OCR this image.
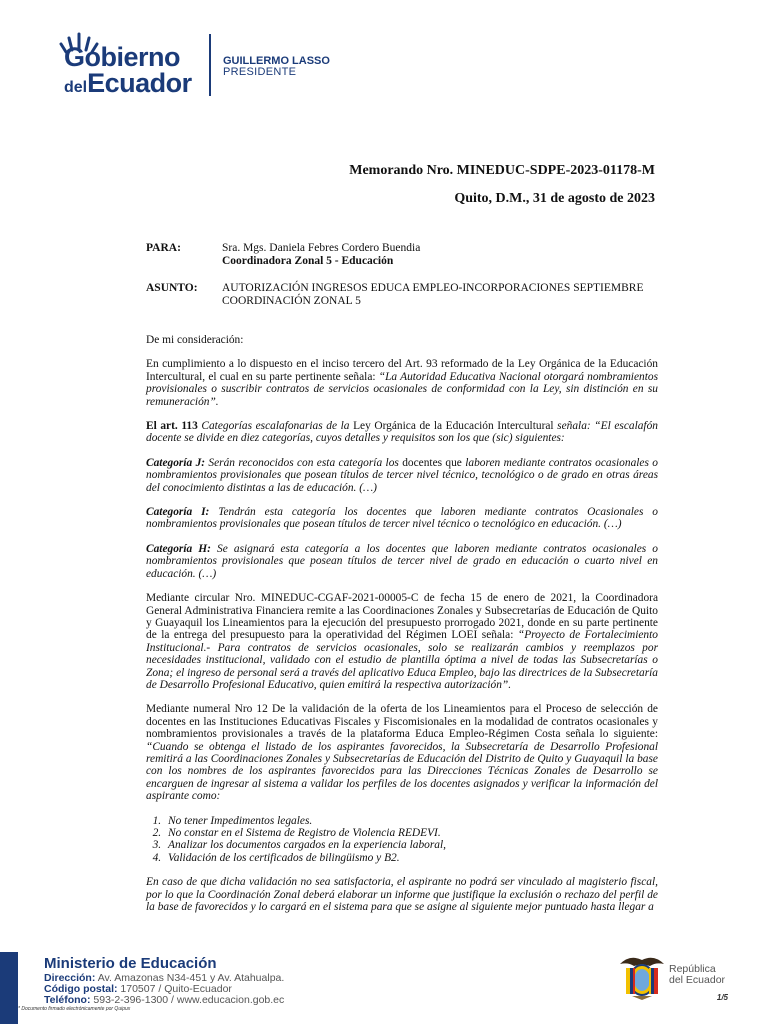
Gobierno
delEcuador
GUILLERMO LASSO
PRESIDENTE
Memorando Nro. MINEDUC-SDPE-2023-01178-M
Quito, D.M., 31 de agosto de 2023
PARA:	Sra. Mgs. Daniela Febres Cordero Buendia
Coordinadora Zonal 5 - Educación
ASUNTO: AUTORIZACIÓN INGRESOS EDUCA EMPLEO-INCORPORACIONES SEPTIEMBRE
COORDINACIÓN ZONAL 5

De mi consideración:

En cumplimiento a lo dispuesto en el inciso tercero del Art. 93 reformado de la Ley Orgánica de la Educación Intercultural, el cual en su parte pertinente señala: “La Autoridad Educativa Nacional otorgará nombramientos provisionales o suscribir contratos de servicios ocasionales de conformidad con la Ley, sin distinción en su remuneración”.

El art. 113 Categorías escalafonarias de la Ley Orgánica de la Educación Intercultural señala: “El escalafón docente se divide en diez categorías, cuyos detalles y requisitos son los que (sic) siguientes:

Categoría J: Serán reconocidos con esta categoría los docentes que laboren mediante contratos ocasionales o nombramientos provisionales que posean títulos de tercer nivel técnico, tecnológico o de grado en otras áreas del conocimiento distintas a las de educación. (…)

Categoría I: Tendrán esta categoría los docentes que laboren mediante contratos Ocasionales o nombramientos provisionales que posean títulos de tercer nivel técnico o tecnológico en educación. (…)

Categoría H: Se asignará esta categoría a los docentes que laboren mediante contratos ocasionales o nombramientos provisionales que posean títulos de tercer nivel de grado en educación o cuarto nivel en educación. (…)

Mediante circular Nro. MINEDUC-CGAF-2021-00005-C de fecha 15 de enero de 2021, la Coordinadora General Administrativa Financiera remite a las Coordinaciones Zonales y Subsecretarías de Educación de Quito y Guayaquil los Lineamientos para la ejecución del presupuesto prorrogado 2021, donde en su parte pertinente de la entrega del presupuesto para la operatividad del Régimen LOEI señala: “Proyecto de Fortalecimiento Institucional.- Para contratos de servicios ocasionales, solo se realizarán cambios y reemplazos por necesidades institucional, validado con el estudio de plantilla óptima a nivel de todas las Subsecretarías o Zona; el ingreso de personal será a través del aplicativo Educa Empleo, bajo las directrices de la Subsecretaría de Desarrollo Profesional Educativo, quien emitirá la respectiva autorización”.

Mediante numeral Nro 12 De la validación de la oferta de los Lineamientos para el Proceso de selección de docentes en las Instituciones Educativas Fiscales y Fiscomisionales en la modalidad de contratos ocasionales y nombramientos provisionales a través de la plataforma Educa Empleo-Régimen Costa señala lo siguiente: “Cuando se obtenga el listado de los aspirantes favorecidos, la Subsecretaría de Desarrollo Profesional remitirá a las Coordinaciones Zonales y Subsecretarías de Educación del Distrito de Quito y Guayaquil la base con los nombres de los aspirantes favorecidos para las Direcciones Técnicas Zonales de Desarrollo se encarguen de ingresar al sistema a validar los perfiles de los docentes asignados y verificar la información del aspirante como:

1. No tener Impedimentos legales.
2. No constar en el Sistema de Registro de Violencia REDEVI.
3. Analizar los documentos cargados en la experiencia laboral,
4. Validación de los certificados de bilingüismo y B2.

En caso de que dicha validación no sea satisfactoria, el aspirante no podrá ser vinculado al magisterio fiscal, por lo que la Coordinación Zonal deberá elaborar un informe que justifique la exclusión o rechazo del perfil de la base de favorecidos y lo cargará en el sistema para que se asigne al siguiente mejor puntuado hasta llegar a

Ministerio de Educación
Dirección: Av. Amazonas N34-451 y Av. Atahualpa.
Código postal: 170507 / Quito-Ecuador
Teléfono: 593-2-396-1300 / www.educacion.gob.ec
* Documento firmado electrónicamente por Quipux
República
del Ecuador
1/5
